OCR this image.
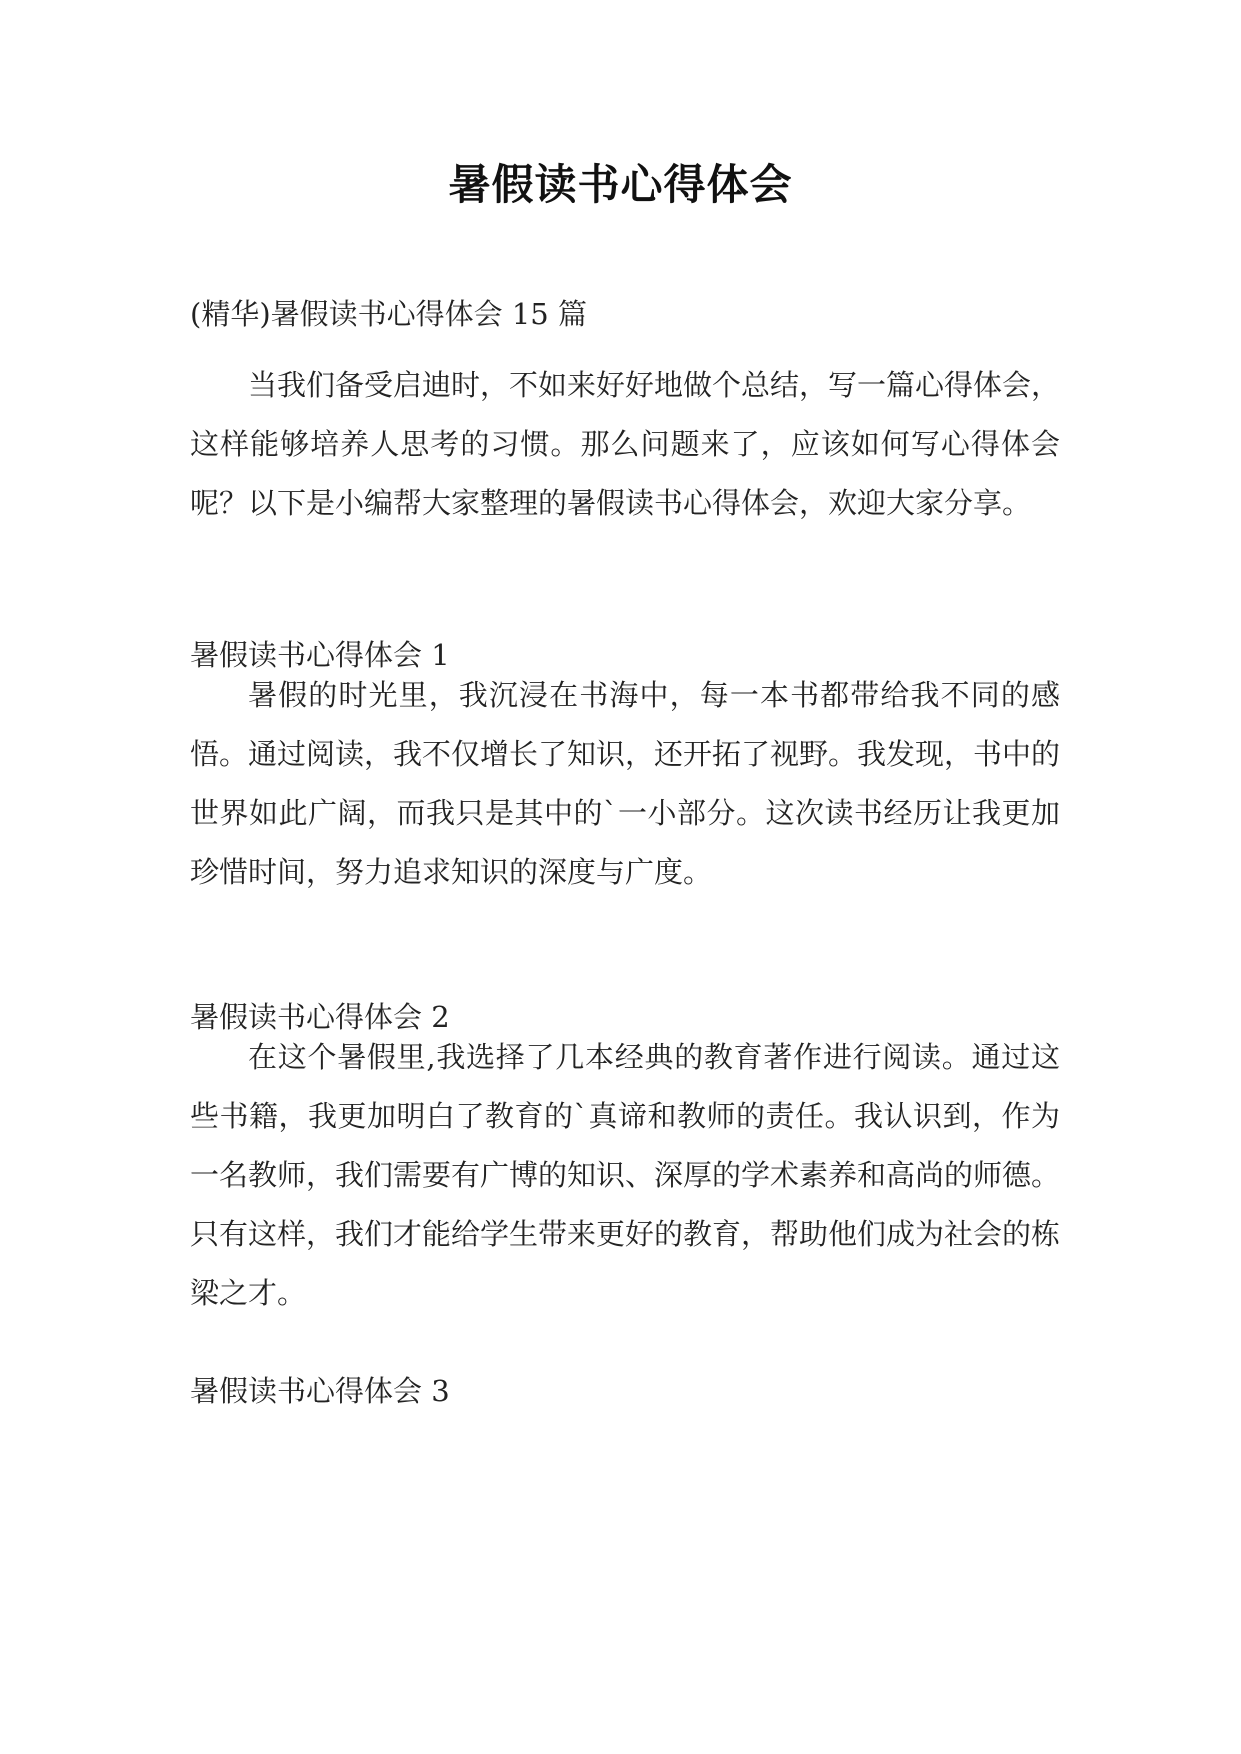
暑假读书心得体会
(精华)暑假读书心得体会 15 篇

当我们备受启迪时，不如来好好地做个总结，写一篇心得体会，这样能够培养人思考的习惯。那么问题来了，应该如何写心得体会呢？以下是小编帮大家整理的暑假读书心得体会，欢迎大家分享。

暑假读书心得体会 1

暑假的时光里，我沉浸在书海中，每一本书都带给我不同的感悟。通过阅读，我不仅增长了知识，还开拓了视野。我发现，书中的世界如此广阔，而我只是其中的`一小部分。这次读书经历让我更加珍惜时间，努力追求知识的深度与广度。

暑假读书心得体会 2

在这个暑假里,我选择了几本经典的教育著作进行阅读。通过这些书籍，我更加明白了教育的`真谛和教师的责任。我认识到，作为一名教师，我们需要有广博的知识、深厚的学术素养和高尚的师德。只有这样，我们才能给学生带来更好的教育，帮助他们成为社会的栋梁之才。

暑假读书心得体会 3
